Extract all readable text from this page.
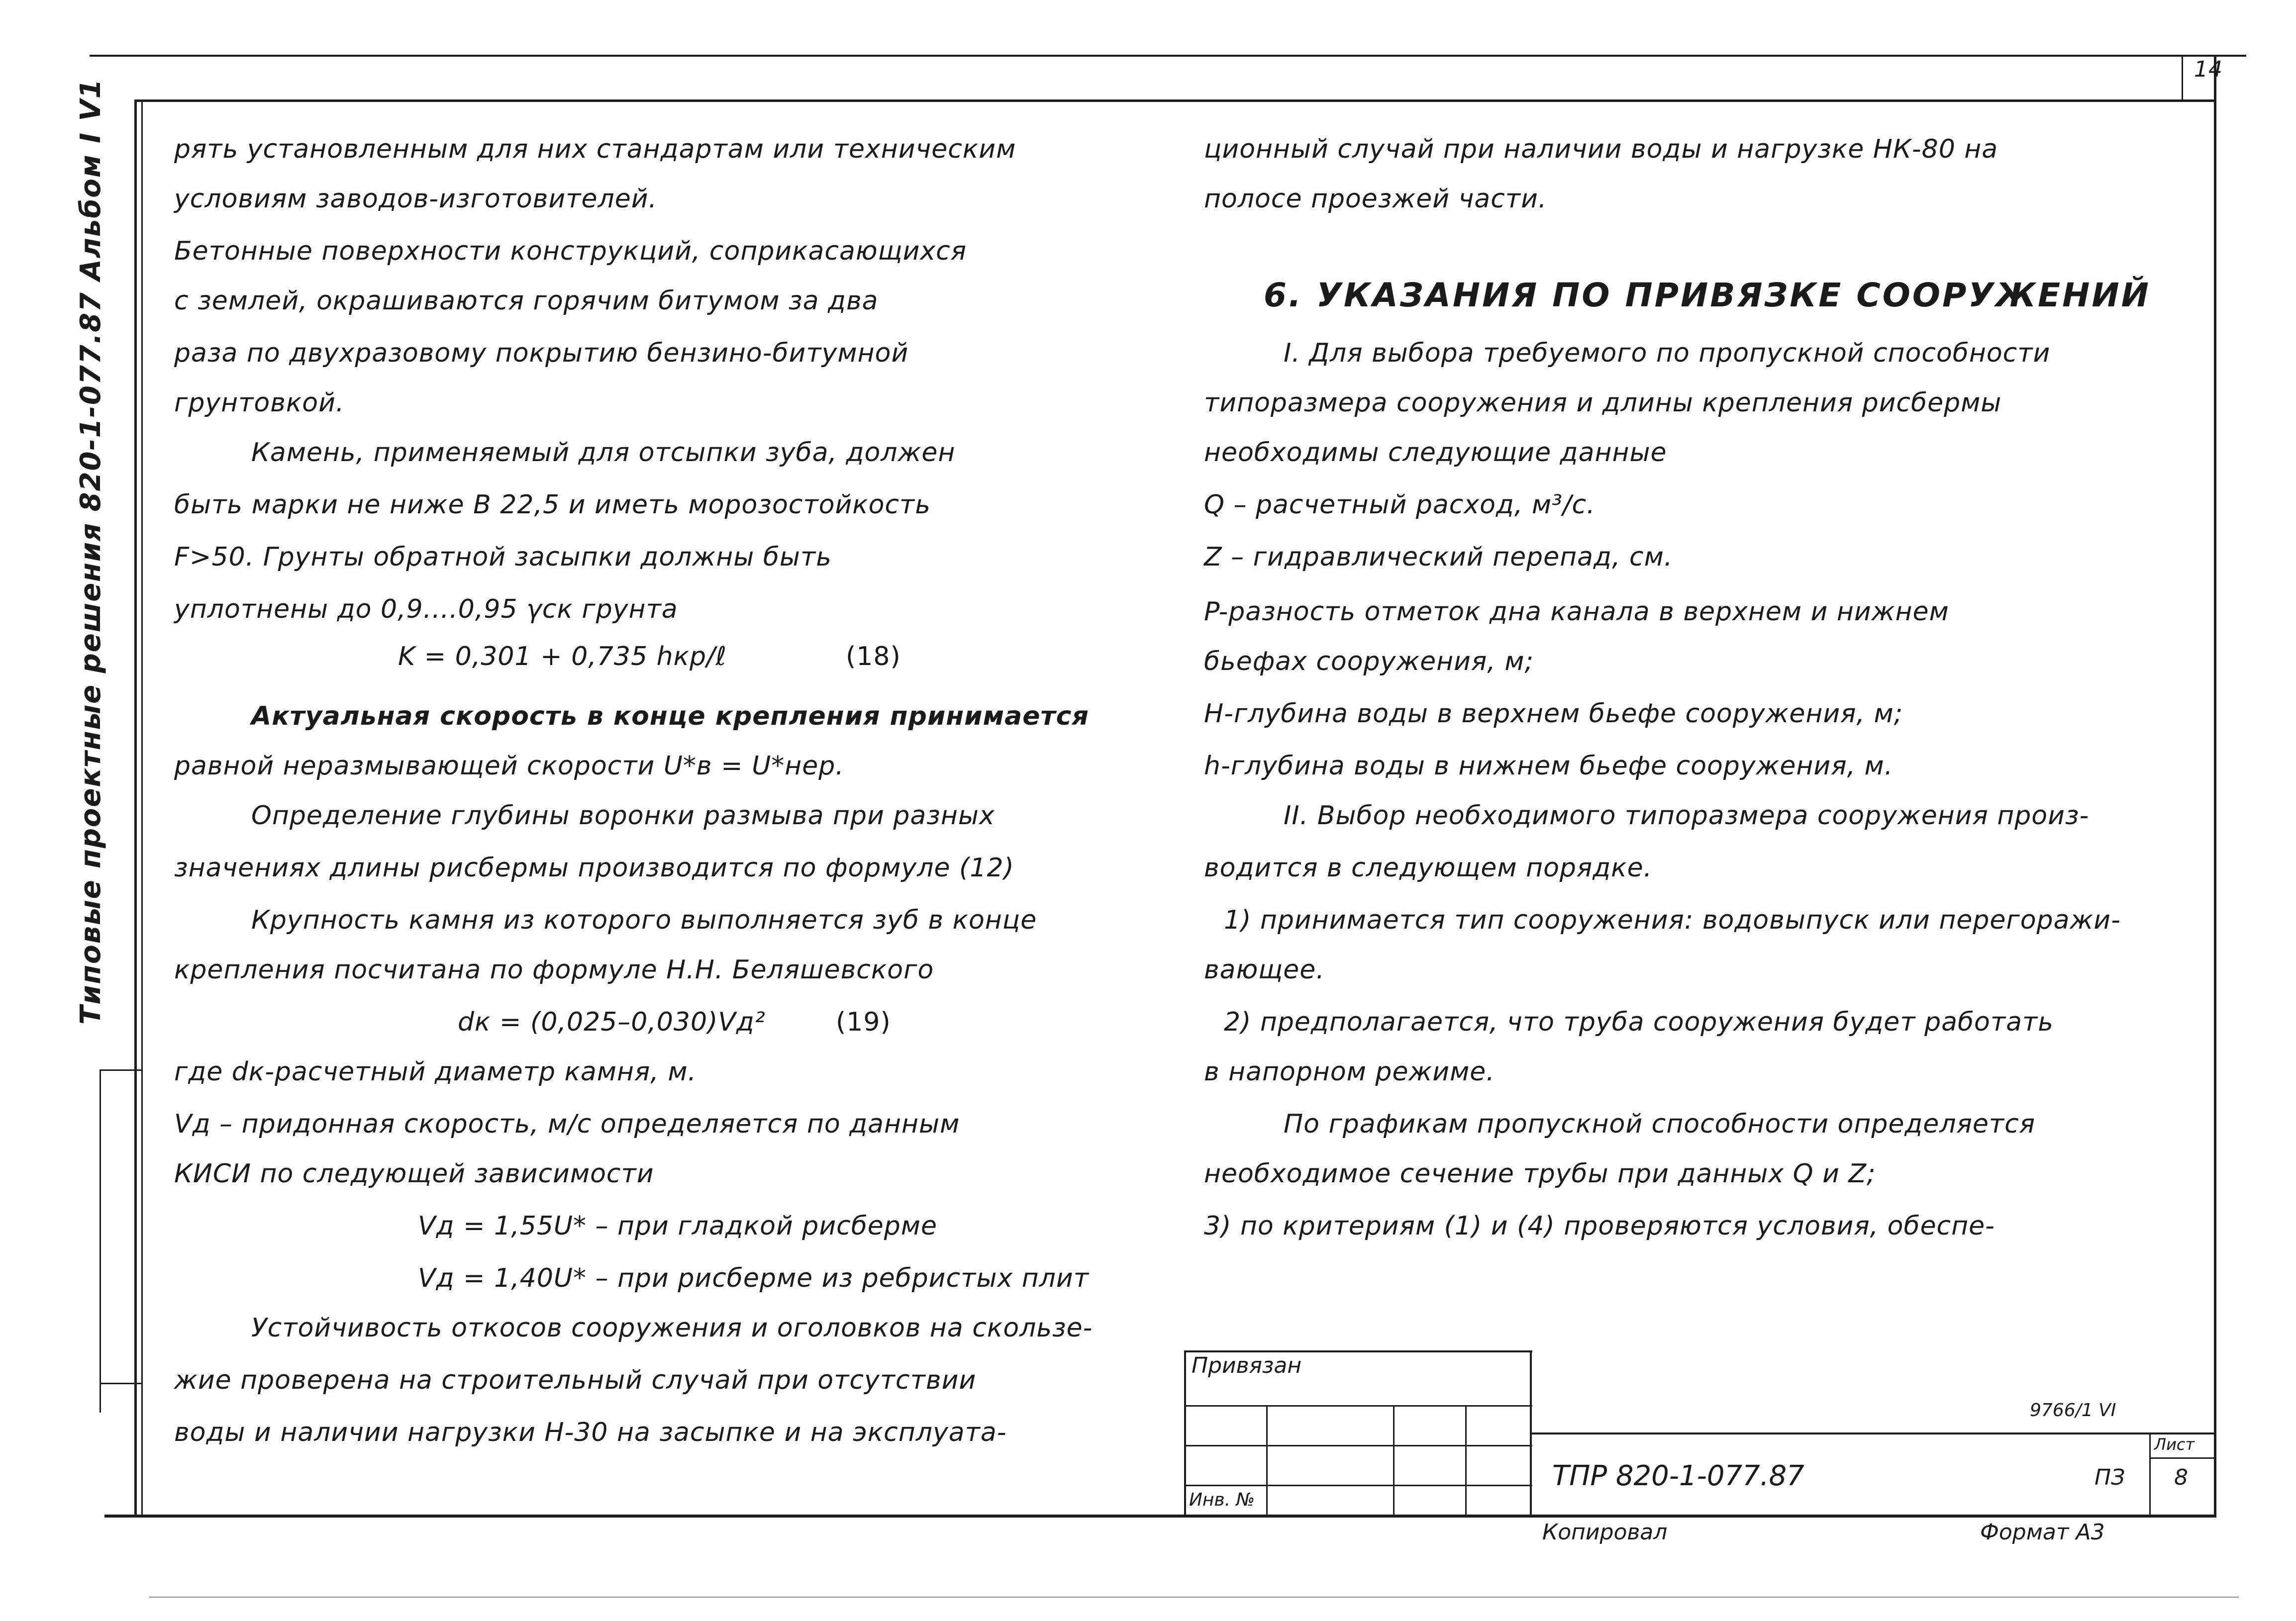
14
Типовые проектные решения 820-1-077.87 Альбом I V1	рять установленным для них стандартам или техническим
условиям заводов-изготовителей.
Бетонные поверхности конструкций, соприкасающихся
с землей, окрашиваются горячим битумом за два
раза по двухразовому покрытию бензино-битумной
грунтовкой.
Камень, применяемый для отсыпки зуба, должен
быть марки не ниже В 22,5 и иметь морозостойкость
F>50. Грунты обратной засыпки должны быть
уплотнены до 0,9....0,95 γск грунта
K = 0,301 + 0,735 hкр/ℓ	(18)
Актуальная скорость в конце крепления принимается
равной неразмывающей скорости U*в = U*нер.
Определение глубины воронки размыва при разных
значениях длины рисбермы производится по формуле (12)
Крупность камня из которого выполняется зуб в конце
крепления посчитана по формуле Н.Н. Беляшевского
dк = (0,025–0,030)Vд²	(19)
где dк-расчетный диаметр камня, м.
Vд – придонная скорость, м/с определяется по данным
КИСИ по следующей зависимости
Vд = 1,55U* – при гладкой рисберме
Vд = 1,40U* – при рисберме из ребристых плит
Устойчивость откосов сооружения и оголовков на скользе-
жие проверена на строительный случай при отсутствии
воды и наличии нагрузки Н-30 на засыпке и на эксплуата-
ционный случай при наличии воды и нагрузке НК-80 на
полосе проезжей части.
6. УКАЗАНИЯ ПО ПРИВЯЗКЕ СООРУЖЕНИЙ
I. Для выбора требуемого по пропускной способности
типоразмера сооружения и длины крепления рисбермы
необходимы следующие данные
Q – расчетный расход, м³/с.
Z – гидравлический перепад, см.
P-разность отметок дна канала в верхнем и нижнем
бьефах сооружения, м;
H-глубина воды в верхнем бьефе сооружения, м;
h-глубина воды в нижнем бьефе сооружения, м.
II. Выбор необходимого типоразмера сооружения произ-
водится в следующем порядке.
1) принимается тип сооружения: водовыпуск или перегоражи-
вающее.
2) предполагается, что труба сооружения будет работать
в напорном режиме.
По графикам пропускной способности определяется
необходимое сечение трубы при данных Q и Z;
3) по критериям (1) и (4) проверяются условия, обеспе-
Привязан
Инв. №
9766/1 VI
Лист
ТПР 820-1-077.87	ПЗ 8
Копировал	Формат А3
